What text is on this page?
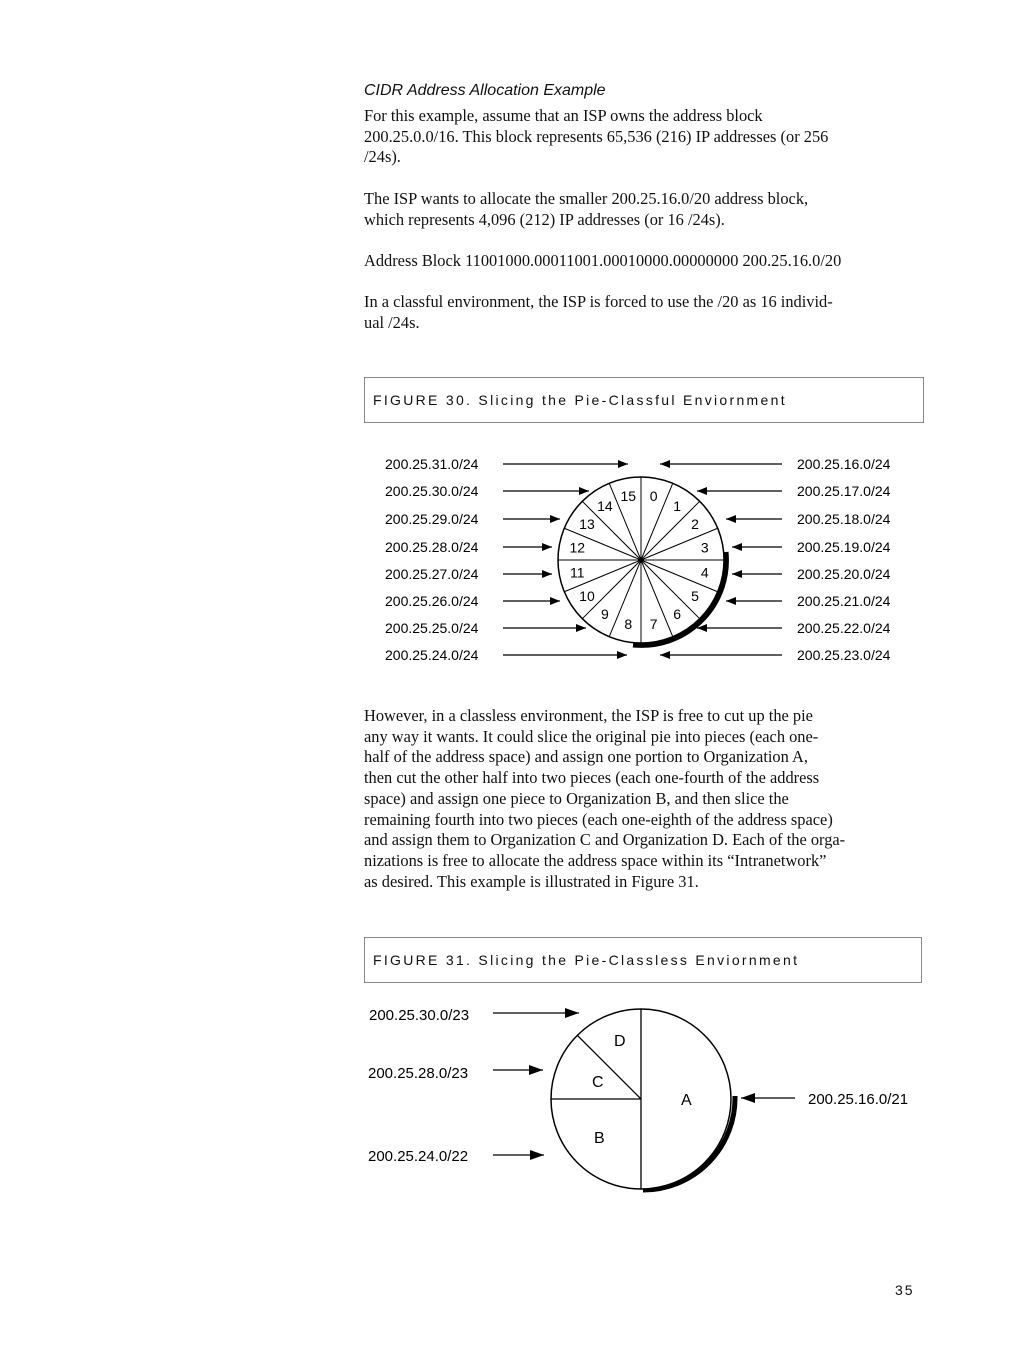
CIDR Address Allocation Example

For this example, assume that an ISP owns the address block
200.25.0.0/16. This block represents 65,536 (216) IP addresses (or 256
/24s).

The ISP wants to allocate the smaller 200.25.16.0/20 address block,
which represents 4,096 (212) IP addresses (or 16 /24s).

Address Block 11001000.00011001.00010000.00000000 200.25.16.0/20

In a classful environment, the ISP is forced to use the /20 as 16 individ-
ual /24s.

FIGURE 30. Slicing the Pie-Classful Enviornment
0
1
2
3
4
5
6
7
8
9
10
11
12
13
14
15
200.25.31.0/24	200.25.16.0/24
200.25.30.0/24	200.25.17.0/24
200.25.29.0/24	200.25.18.0/24
200.25.28.0/24	200.25.19.0/24
200.25.27.0/24	200.25.20.0/24
200.25.26.0/24	200.25.21.0/24
200.25.25.0/24	200.25.22.0/24
200.25.24.0/24	200.25.23.0/24

However, in a classless environment, the ISP is free to cut up the pie
any way it wants. It could slice the original pie into pieces (each one-
half of the address space) and assign one portion to Organization A,
then cut the other half into two pieces (each one-fourth of the address
space) and assign one piece to Organization B, and then slice the
remaining fourth into two pieces (each one-eighth of the address space)
and assign them to Organization C and Organization D. Each of the orga-
nizations is free to allocate the address space within its “Intranetwork”
as desired. This example is illustrated in Figure 31.

FIGURE 31. Slicing the Pie-Classless Enviornment
D
C
A
B
200.25.30.0/23
200.25.28.0/23
200.25.24.0/22
200.25.16.0/21
35
